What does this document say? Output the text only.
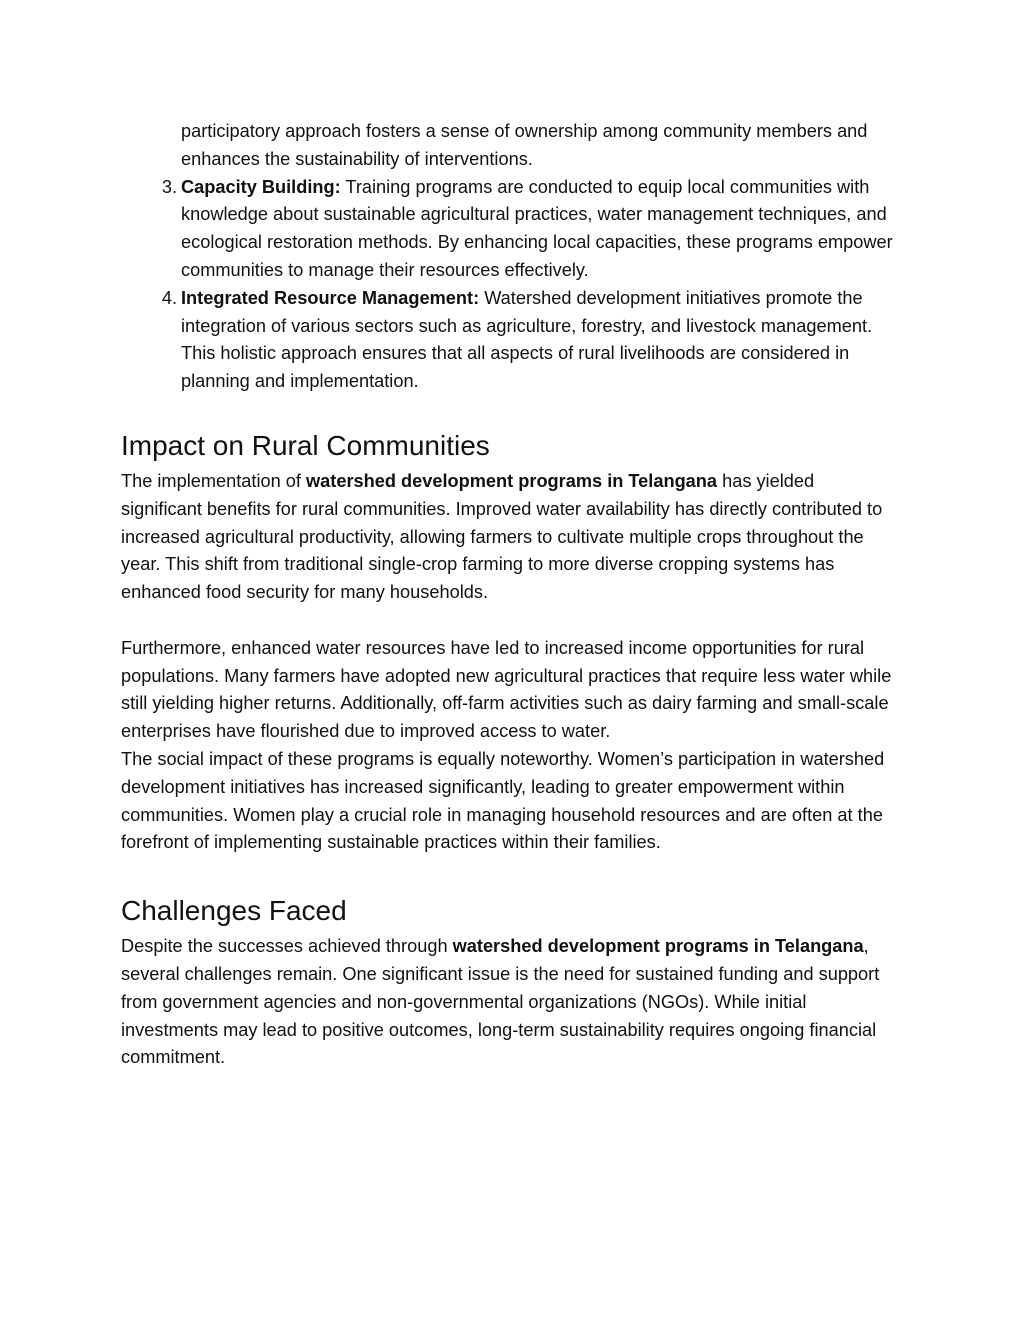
participatory approach fosters a sense of ownership among community members and enhances the sustainability of interventions.

3. Capacity Building: Training programs are conducted to equip local communities with knowledge about sustainable agricultural practices, water management techniques, and ecological restoration methods. By enhancing local capacities, these programs empower communities to manage their resources effectively.
4. Integrated Resource Management: Watershed development initiatives promote the integration of various sectors such as agriculture, forestry, and livestock management. This holistic approach ensures that all aspects of rural livelihoods are considered in planning and implementation.
Impact on Rural Communities

The implementation of watershed development programs in Telangana has yielded significant benefits for rural communities. Improved water availability has directly contributed to increased agricultural productivity, allowing farmers to cultivate multiple crops throughout the year. This shift from traditional single-crop farming to more diverse cropping systems has enhanced food security for many households.

Furthermore, enhanced water resources have led to increased income opportunities for rural populations. Many farmers have adopted new agricultural practices that require less water while still yielding higher returns. Additionally, off-farm activities such as dairy farming and small-scale enterprises have flourished due to improved access to water.

The social impact of these programs is equally noteworthy. Women’s participation in watershed development initiatives has increased significantly, leading to greater empowerment within communities. Women play a crucial role in managing household resources and are often at the forefront of implementing sustainable practices within their families.

Challenges Faced

Despite the successes achieved through watershed development programs in Telangana, several challenges remain. One significant issue is the need for sustained funding and support from government agencies and non-governmental organizations (NGOs). While initial investments may lead to positive outcomes, long-term sustainability requires ongoing financial commitment.
